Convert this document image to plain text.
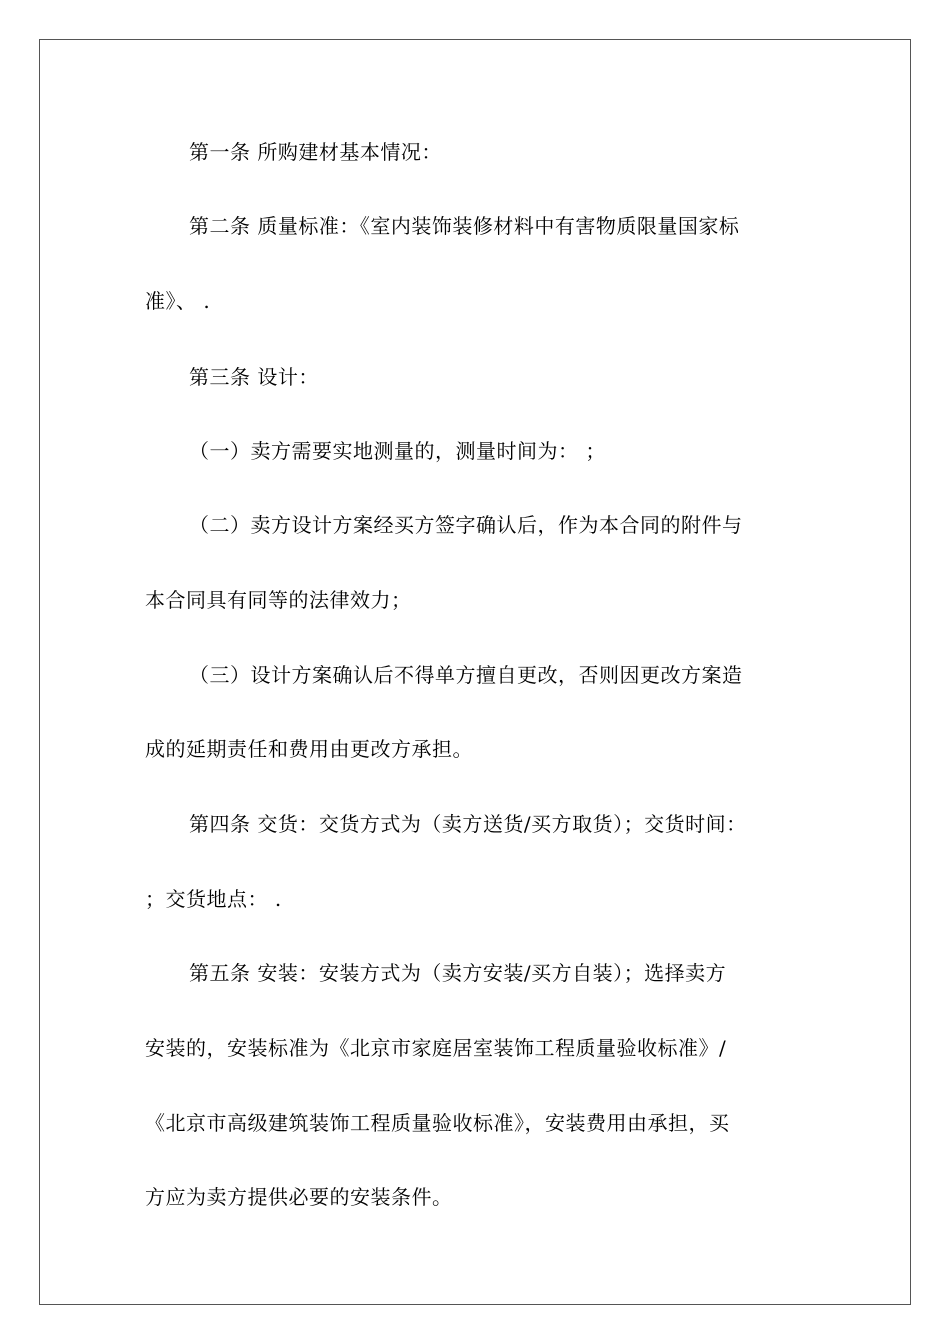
第一条 所购建材基本情况：
第二条 质量标准：《室内装饰装修材料中有害物质限量国家标
准》、 .
第三条 设计：
（一）卖方需要实地测量的，测量时间为： ；
（二）卖方设计方案经买方签字确认后，作为本合同的附件与
本合同具有同等的法律效力；
（三）设计方案确认后不得单方擅自更改，否则因更改方案造
成的延期责任和费用由更改方承担。
第四条 交货：交货方式为（卖方送货/买方取货）；交货时间：
；交货地点： .
第五条 安装：安装方式为（卖方安装/买方自装）；选择卖方
安装的，安装标准为《北京市家庭居室装饰工程质量验收标准》/
《北京市高级建筑装饰工程质量验收标准》，安装费用由承担，买
方应为卖方提供必要的安装条件。
